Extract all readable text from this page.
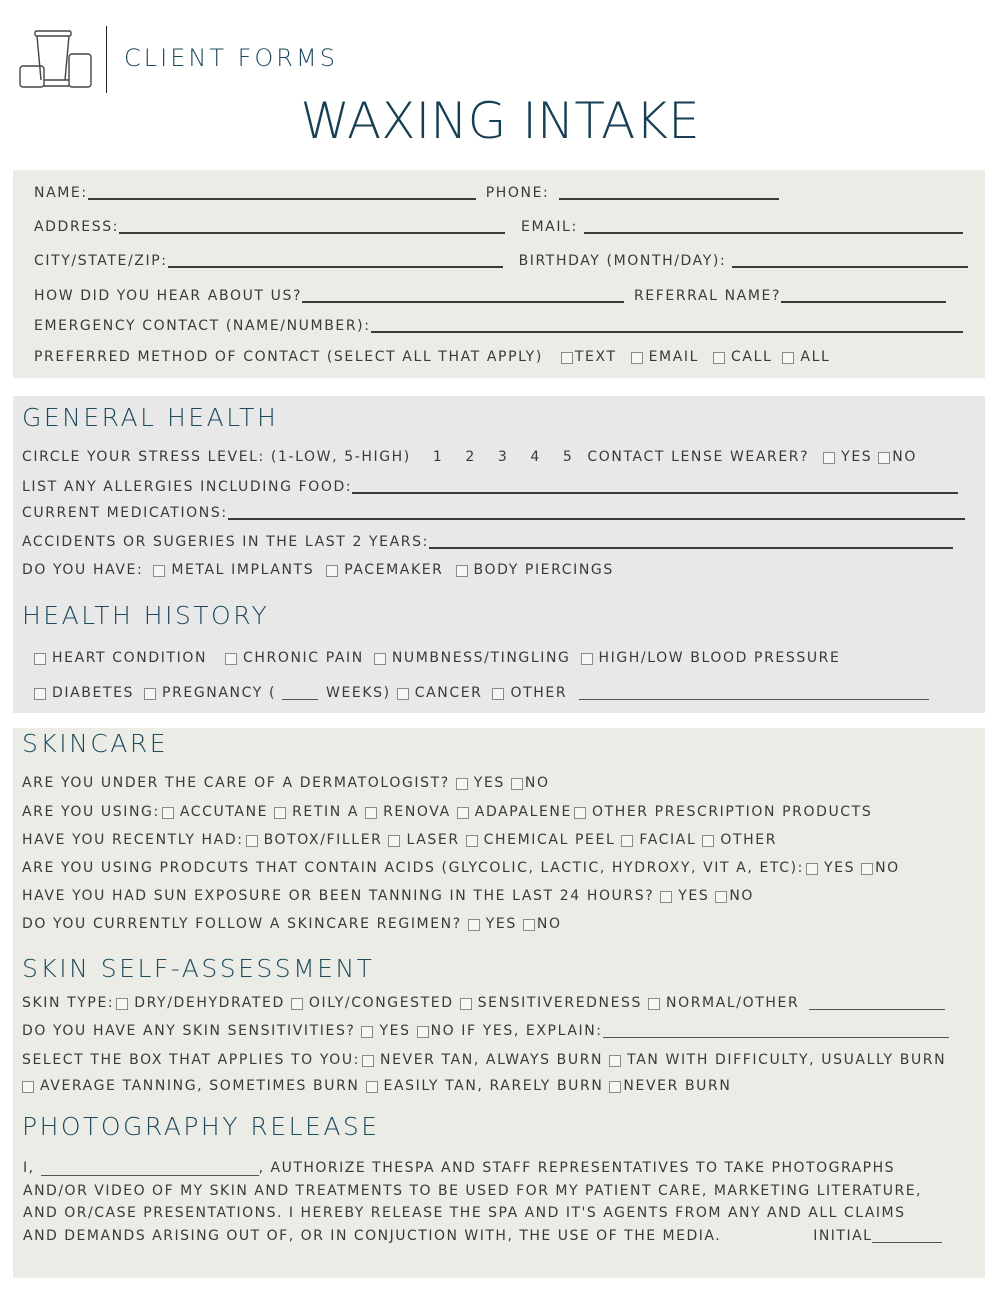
CLIENT FORMS
WAXING INTAKE
NAME:	PHONE:
ADDRESS:	EMAIL:
CITY/STATE/ZIP:	BIRTHDAY (MONTH/DAY):
HOW DID YOU HEAR ABOUT US?	REFERRAL NAME?
EMERGENCY CONTACT (NAME/NUMBER):
PREFERRED METHOD OF CONTACT (SELECT ALL THAT APPLY) TEXT EMAIL CALL ALL
GENERAL HEALTH
CIRCLE YOUR STRESS LEVEL: (1-LOW, 5-HIGH) 1 2 3 4 5 CONTACT LENSE WEARER? YES NO
LIST ANY ALLERGIES INCLUDING FOOD:
CURRENT MEDICATIONS:
ACCIDENTS OR SUGERIES IN THE LAST 2 YEARS:
DO YOU HAVE: METAL IMPLANTS PACEMAKER BODY PIERCINGS
HEALTH HISTORY
HEART CONDITION	CHRONIC PAIN NUMBNESS/TINGLING HIGH/LOW BLOOD PRESSURE
DIABETES PREGNANCY (	WEEKS) CANCER OTHER
SKINCARE
ARE YOU UNDER THE CARE OF A DERMATOLOGIST? YES NO
ARE YOU USING: ACCUTANE RETIN A RENOVA ADAPALENE OTHER PRESCRIPTION PRODUCTS
HAVE YOU RECENTLY HAD: BOTOX/FILLER LASER CHEMICAL PEEL FACIAL OTHER
ARE YOU USING PRODCUTS THAT CONTAIN ACIDS (GLYCOLIC, LACTIC, HYDROXY, VIT A, ETC): YES NO
HAVE YOU HAD SUN EXPOSURE OR BEEN TANNING IN THE LAST 24 HOURS? YES NO
DO YOU CURRENTLY FOLLOW A SKINCARE REGIMEN? YES NO
SKIN SELF-ASSESSMENT
SKIN TYPE: DRY/DEHYDRATED OILY/CONGESTED SENSITIVEREDNESS NORMAL/OTHER
DO YOU HAVE ANY SKIN SENSITIVITIES? YES NO IF YES, EXPLAIN:
SELECT THE BOX THAT APPLIES TO YOU: NEVER TAN, ALWAYS BURN TAN WITH DIFFICULTY, USUALLY BURN
AVERAGE TANNING, SOMETIMES BURN EASILY TAN, RARELY BURN NEVER BURN
PHOTOGRAPHY RELEASE
I,	, AUTHORIZE THESPA AND STAFF REPRESENTATIVES TO TAKE PHOTOGRAPHS
AND/OR VIDEO OF MY SKIN AND TREATMENTS TO BE USED FOR MY PATIENT CARE, MARKETING LITERATURE,
AND OR/CASE PRESENTATIONS. I HEREBY RELEASE THE SPA AND IT'S AGENTS FROM ANY AND ALL CLAIMS
AND DEMANDS ARISING OUT OF, OR IN CONJUCTION WITH, THE USE OF THE MEDIA.	INITIAL
